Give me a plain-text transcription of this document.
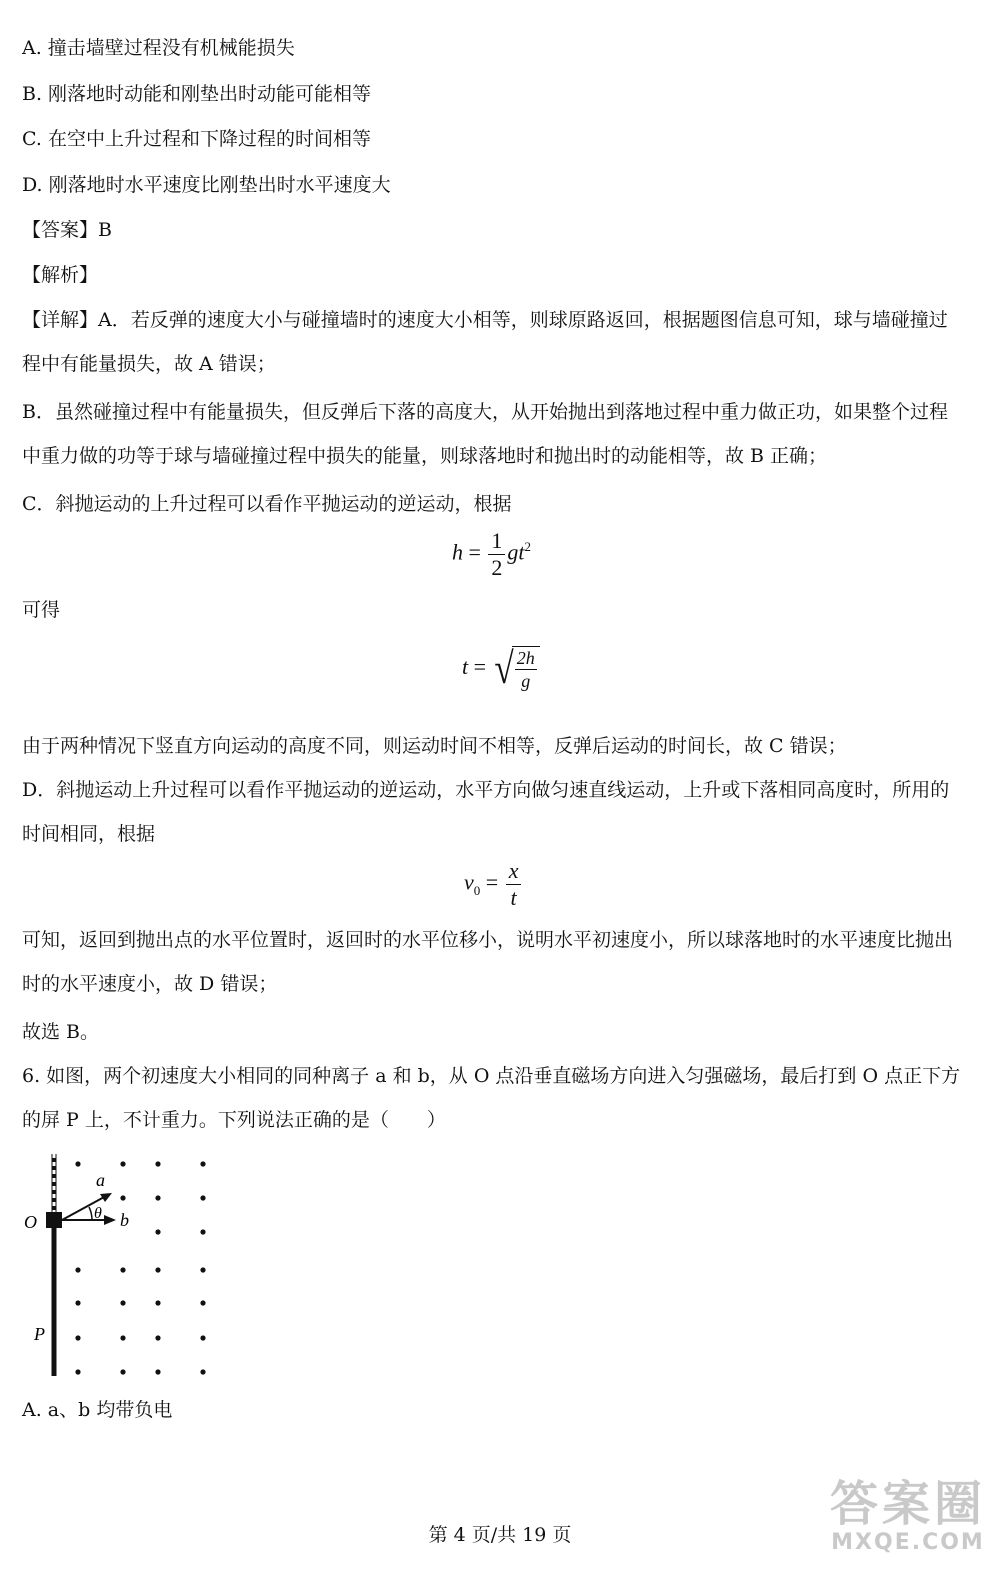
A. 撞击墙壁过程没有机械能损失
B. 刚落地时动能和刚垫出时动能可能相等
C. 在空中上升过程和下降过程的时间相等
D. 刚落地时水平速度比刚垫出时水平速度大
【答案】B
【解析】
【详解】A．若反弹的速度大小与碰撞墙时的速度大小相等，则球原路返回，根据题图信息可知，球与墙碰撞过程中有能量损失，故 A 错误；
B．虽然碰撞过程中有能量损失，但反弹后下落的高度大，从开始抛出到落地过程中重力做正功，如果整个过程中重力做的功等于球与墙碰撞过程中损失的能量，则球落地时和抛出时的动能相等，故 B 正确；
C．斜抛运动的上升过程可以看作平抛运动的逆运动，根据
$h = \frac{1}{2} gt^2$
可得
t = √ 2h
g
由于两种情况下竖直方向运动的高度不同，则运动时间不相等，反弹后运动的时间长，故 C 错误；
D．斜抛运动上升过程可以看作平抛运动的逆运动，水平方向做匀速直线运动，上升或下落相同高度时，所用的时间相同，根据
$v_0 = \frac{x}{t}$
可知，返回到抛出点的水平位置时，返回时的水平位移小，说明水平初速度小，所以球落地时的水平速度比抛出时的水平速度小，故 D 错误；
故选 B。
6. 如图，两个初速度大小相同的同种离子 a 和 b，从 O 点沿垂直磁场方向进入匀强磁场，最后打到 O 点正下方的屏 P 上，不计重力。下列说法正确的是（　　）
O
P
a
b
θ
A. a、b 均带负电
第 4 页/共 19 页
答案圈
MXQE.COM
